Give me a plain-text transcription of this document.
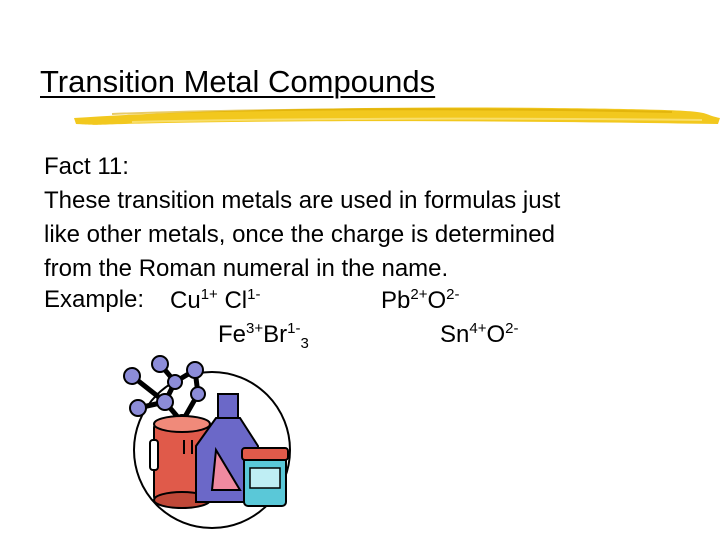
Transition Metal Compounds
Fact 11:
These transition metals are used in formulas just
like other metals, once the charge is determined
from the Roman numeral in the name.
Example: $Cu^{1+}$ $Cl^{1-}$	$Pb^{2+}O^{2-}$
$Fe^{3+}Br^{1-}_3$	$Sn^{4+}O^{2-}$
